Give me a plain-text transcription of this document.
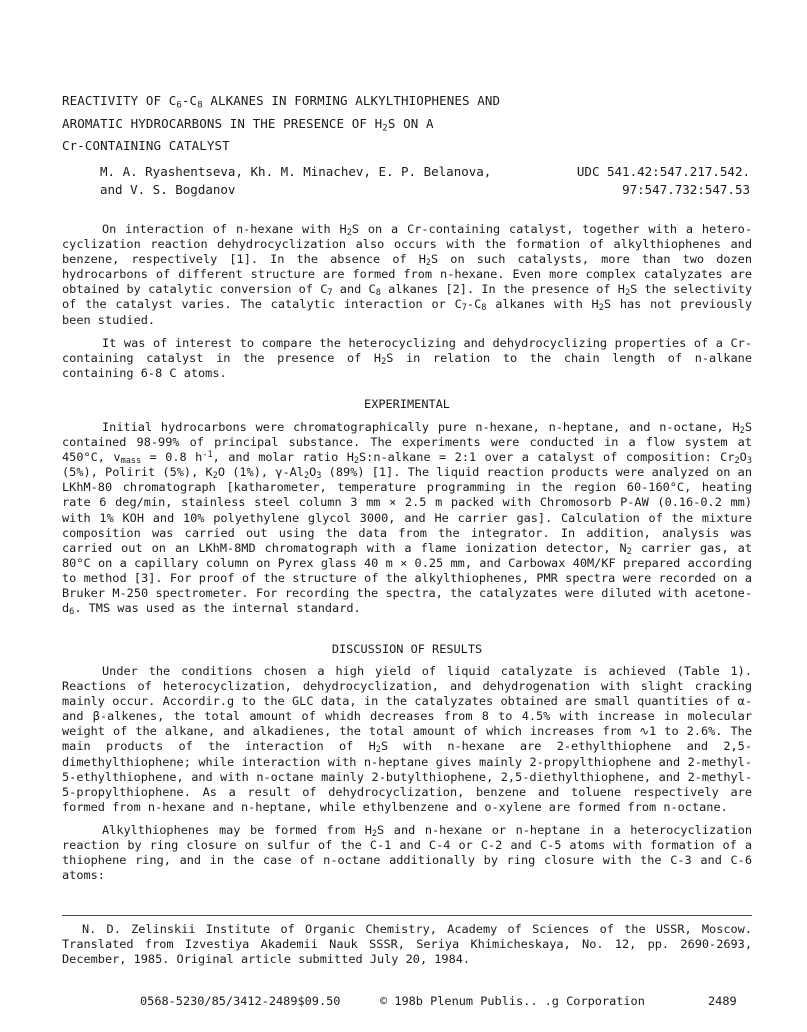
REACTIVITY OF $C_6-C_8$ ALKANES IN FORMING ALKYLTHIOPHENES AND
AROMATIC HYDROCARBONS IN THE PRESENCE OF $H_2S$ ON A
Cr-CONTAINING CATALYST
M. A. Ryashentseva, Kh. M. Minachev, E. P. Belanova,
and V. S. Bogdanov
UDC 541.42:547.217.542.
97:547.732:547.53

On interaction of n-hexane with $H_2S$ on a Cr-containing catalyst, together with a hetero-cyclization reaction dehydrocyclization also occurs with the formation of alkylthiophenes and benzene, respectively [1]. In the absence of $H_2S$ on such catalysts, more than two dozen hydrocarbons of different structure are formed from n-hexane. Even more complex catalyzates are obtained by catalytic conversion of $C_7$ and $C_8$ alkanes [2]. In the presence of $H_2S$ the selectivity of the catalyst varies. The catalytic interaction or $C_7-C_8$ alkanes with $H_2S$ has not previously been studied.

It was of interest to compare the heterocyclizing and dehydrocyclizing properties of a Cr-containing catalyst in the presence of $H_2S$ in relation to the chain length of n-alkane containing 6-8 C atoms.

EXPERIMENTAL

Initial hydrocarbons were chromatographically pure n-hexane, n-heptane, and n-octane, $H_2S$ contained 98-99% of principal substance. The experiments were conducted in a flow system at 450°C, $v_{mass} = 0.8$ $h^{-1}$, and molar ratio $H_2S:n$-alkane = 2:1 over a catalyst of composition: $Cr_2O_3$ (5%), Polirit (5%), $K_2O$ (1%), $\gamma-Al_2O_3$ (89%) [1]. The liquid reaction products were analyzed on an LKhM-80 chromatograph [katharometer, temperature programming in the region 60-160°C, heating rate 6 deg/min, stainless steel column 3 mm × 2.5 m packed with Chromosorb P-AW (0.16-0.2 mm) with 1% KOH and 10% polyethylene glycol 3000, and He carrier gas]. Calculation of the mixture composition was carried out using the data from the integrator. In addition, analysis was carried out on an LKhM-8MD chromatograph with a flame ionization detector, $N_2$ carrier gas, at 80°C on a capillary column on Pyrex glass 40 m × 0.25 mm, and Carbowax 40M/KF prepared according to method [3]. For proof of the structure of the alkylthiophenes, PMR spectra were recorded on a Bruker M-250 spectrometer. For recording the spectra, the catalyzates were diluted with acetone-$d_6$. TMS was used as the internal standard.

DISCUSSION OF RESULTS

Under the conditions chosen a high yield of liquid catalyzate is achieved (Table 1). Reactions of heterocyclization, dehydrocyclization, and dehydrogenation with slight cracking mainly occur. Accordir.g to the GLC data, in the catalyzates obtained are small quantities of α- and β-alkenes, the total amount of whidh decreases from 8 to 4.5% with increase in molecular weight of the alkane, and alkadienes, the total amount of which increases from ∿1 to 2.6%. The main products of the interaction of $H_2S$ with n-hexane are 2-ethylthiophene and 2,5-dimethylthiophene; while interaction with n-heptane gives mainly 2-propylthiophene and 2-methyl-5-ethylthiophene, and with n-octane mainly 2-butylthiophene, 2,5-diethylthiophene, and 2-methyl-5-propylthiophene. As a result of dehydrocyclization, benzene and toluene respectively are formed from n-hexane and n-heptane, while ethylbenzene and o-xylene are formed from n-octane.

Alkylthiophenes may be formed from $H_2S$ and n-hexane or n-heptane in a heterocyclization reaction by ring closure on sulfur of the C-1 and C-4 or C-2 and C-5 atoms with formation of a thiophene ring, and in the case of n-octane additionally by ring closure with the C-3 and C-6 atoms:

N. D. Zelinskii Institute of Organic Chemistry, Academy of Sciences of the USSR, Moscow. Translated from Izvestiya Akademii Nauk SSSR, Seriya Khimicheskaya, No. 12, pp. 2690-2693, December, 1985. Original article submitted July 20, 1984.

0568-5230/85/3412-2489$09.50	© 198b Plenum Publis.. .g Corporation	2489
